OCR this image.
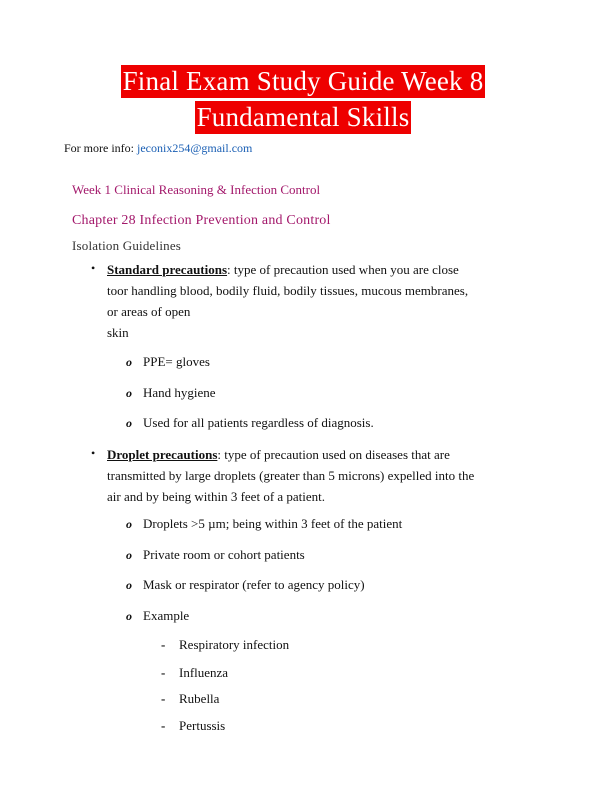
Final Exam Study Guide Week 8
Fundamental Skills
For more info: jeconix254@gmail.com
Week 1 Clinical Reasoning & Infection Control
Chapter 28 Infection Prevention and Control
Isolation Guidelines
• Standard precautions: type of precaution used when you are close
toor handling blood, bodily fluid, bodily tissues, mucous membranes,
or areas of open
skin
o PPE= gloves
o Hand hygiene
o Used for all patients regardless of diagnosis.
• Droplet precautions: type of precaution used on diseases that are
transmitted by large droplets (greater than 5 microns) expelled into the
air and by being within 3 feet of a patient.
o Droplets >5 µm; being within 3 feet of the patient
o Private room or cohort patients
o Mask or respirator (refer to agency policy)
o Example
- Respiratory infection
- Influenza
- Rubella
- Pertussis
